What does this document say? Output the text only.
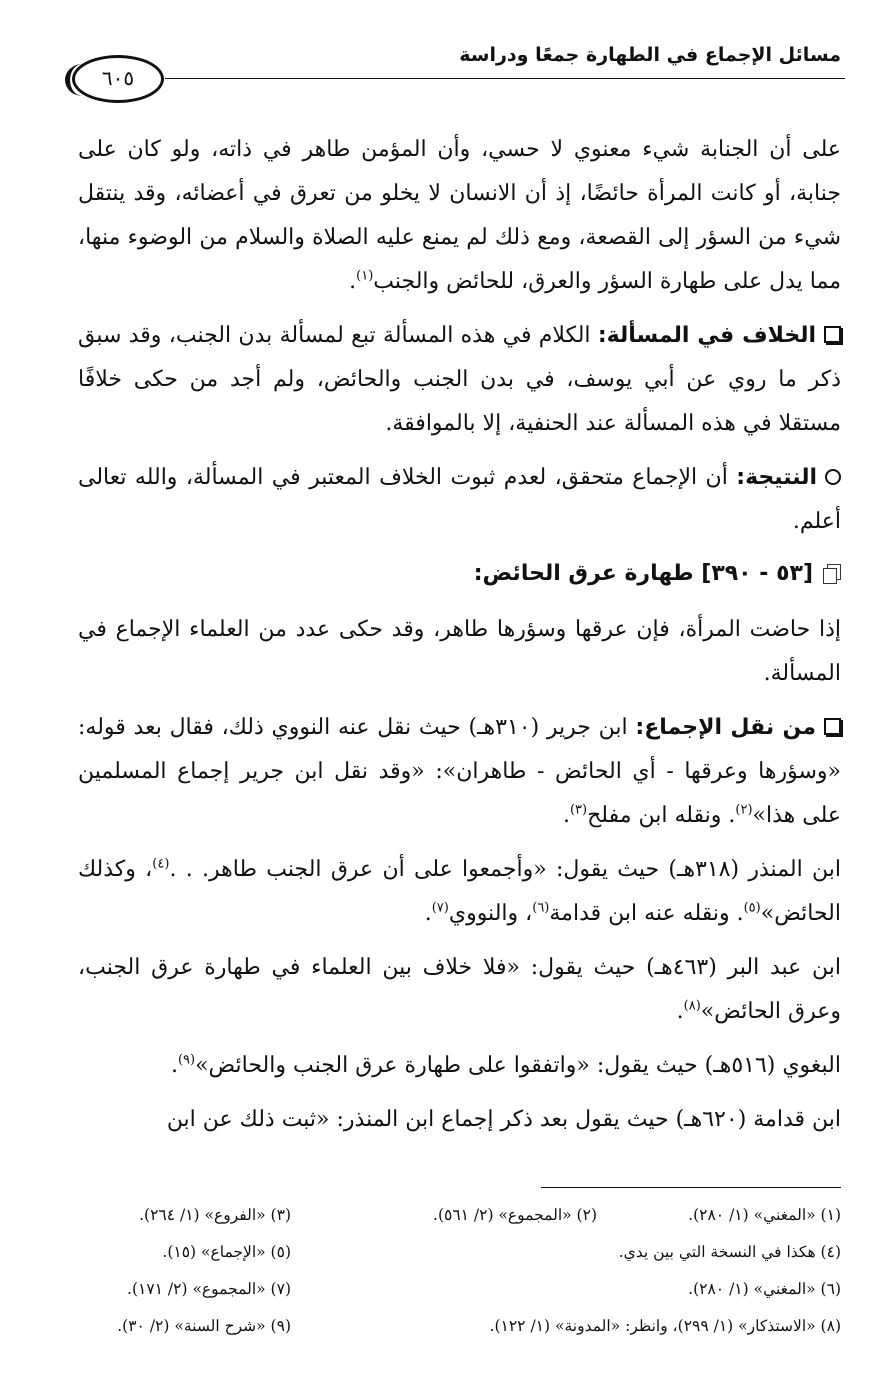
مسائل الإجماع في الطهارة جمعًا ودراسة
٦٠٥

على أن الجنابة شيء معنوي لا حسي، وأن المؤمن طاهر في ذاته، ولو كان على جنابة، أو كانت المرأة حائضًا، إذ أن الانسان لا يخلو من تعرق في أعضائه، وقد ينتقل شيء من السؤر إلى القصعة، ومع ذلك لم يمنع عليه الصلاة والسلام من الوضوء منها، مما يدل على طهارة السؤر والعرق، للحائض والجنب$^{(١)}$.

الخلاف في المسألة: الكلام في هذه المسألة تبع لمسألة بدن الجنب، وقد سبق ذكر ما روي عن أبي يوسف، في بدن الجنب والحائض، ولم أجد من حكى خلافًا مستقلا في هذه المسألة عند الحنفية، إلا بالموافقة.

النتيجة: أن الإجماع متحقق، لعدم ثبوت الخلاف المعتبر في المسألة، والله تعالى أعلم.

[٥٣ - ٣٩٠] طهارة عرق الحائض:

إذا حاضت المرأة، فإن عرقها وسؤرها طاهر، وقد حكى عدد من العلماء الإجماع في المسألة.

من نقل الإجماع: ابن جرير (٣١٠هـ) حيث نقل عنه النووي ذلك، فقال بعد قوله: «وسؤرها وعرقها - أي الحائض - طاهران»: «وقد نقل ابن جرير إجماع المسلمين على هذا»$^{(٢)}$. ونقله ابن مفلح$^{(٣)}$.

ابن المنذر (٣١٨هـ) حيث يقول: «وأجمعوا على أن عرق الجنب طاهر. . .$^{(٤)}$، وكذلك الحائض»$^{(٥)}$. ونقله عنه ابن قدامة$^{(٦)}$، والنووي$^{(٧)}$.

ابن عبد البر (٤٦٣هـ) حيث يقول: «فلا خلاف بين العلماء في طهارة عرق الجنب، وعرق الحائض»$^{(٨)}$.

البغوي (٥١٦هـ) حيث يقول: «واتفقوا على طهارة عرق الجنب والحائض»$^{(٩)}$.

ابن قدامة (٦٢٠هـ) حيث يقول بعد ذكر إجماع ابن المنذر: «ثبت ذلك عن ابن

(١) «المغني» (١/ ٢٨٠).
(٢) «المجموع» (٢/ ٥٦١).
(٣) «الفروع» (١/ ٢٦٤).
(٤) هكذا في النسخة التي بين يدي.
(٥) «الإجماع» (١٥).
(٦) «المغني» (١/ ٢٨٠).
(٧) «المجموع» (٢/ ١٧١).
(٨) «الاستذكار» (١/ ٢٩٩)، وانظر: «المدونة» (١/ ١٢٢).
(٩) «شرح السنة» (٢/ ٣٠).
